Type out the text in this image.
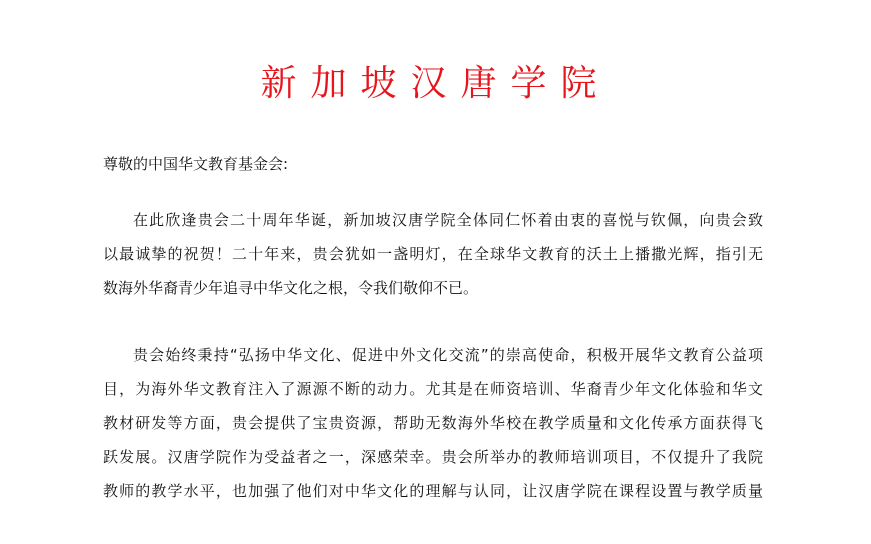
新加坡汉唐学院
尊敬的中国华文教育基金会:
在此欣逢贵会二十周年华诞，新加坡汉唐学院全体同仁怀着由衷的喜悦与钦佩，向贵会致
以最诚挚的祝贺！二十年来，贵会犹如一盏明灯，在全球华文教育的沃土上播撒光辉，指引无
数海外华裔青少年追寻中华文化之根，令我们敬仰不已。
贵会始终秉持“弘扬中华文化、促进中外文化交流”的崇高使命，积极开展华文教育公益项
目，为海外华文教育注入了源源不断的动力。尤其是在师资培训、华裔青少年文化体验和华文
教材研发等方面，贵会提供了宝贵资源，帮助无数海外华校在教学质量和文化传承方面获得飞
跃发展。汉唐学院作为受益者之一，深感荣幸。贵会所举办的教师培训项目，不仅提升了我院
教师的教学水平，也加强了他们对中华文化的理解与认同，让汉唐学院在课程设置与教学质量
